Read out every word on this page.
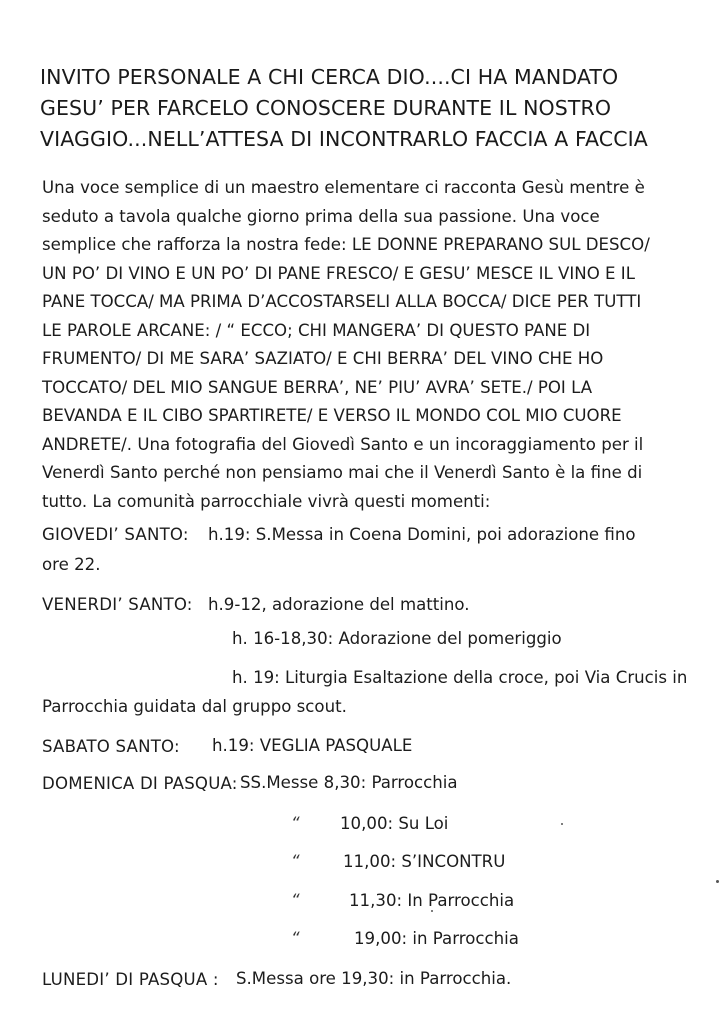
INVITO PERSONALE A CHI CERCA DIO....CI HA MANDATO
GESU’ PER FARCELO CONOSCERE DURANTE IL NOSTRO
VIAGGIO...NELL’ATTESA DI INCONTRARLO FACCIA A FACCIA
Una voce semplice di un maestro elementare ci racconta Gesù mentre è
seduto a tavola qualche giorno prima della sua passione. Una voce
semplice che rafforza la nostra fede: LE DONNE PREPARANO SUL DESCO/
UN PO’ DI VINO E UN PO’ DI PANE FRESCO/ E GESU’ MESCE IL VINO E IL
PANE TOCCA/ MA PRIMA D’ACCOSTARSELI ALLA BOCCA/ DICE PER TUTTI
LE PAROLE ARCANE: / “ ECCO; CHI MANGERA’ DI QUESTO PANE DI
FRUMENTO/ DI ME SARA’ SAZIATO/ E CHI BERRA’ DEL VINO CHE HO
TOCCATO/ DEL MIO SANGUE BERRA’, NE’ PIU’ AVRA’ SETE./ POI LA
BEVANDA E IL CIBO SPARTIRETE/ E VERSO IL MONDO COL MIO CUORE
ANDRETE/. Una fotografia del Giovedì Santo e un incoraggiamento per il
Venerdì Santo perché non pensiamo mai che il Venerdì Santo è la fine di
tutto. La comunità parrocchiale vivrà questi momenti:
GIOVEDI’ SANTO: h.19: S.Messa in Coena Domini, poi adorazione fino
ore 22.
VENERDI’ SANTO: h.9-12, adorazione del mattino.
h. 16-18,30: Adorazione del pomeriggio
h. 19: Liturgia Esaltazione della croce, poi Via Crucis in
Parrocchia guidata dal gruppo scout.
SABATO SANTO: h.19: VEGLIA PASQUALE
DOMENICA DI PASQUA: SS.Messe 8,30: Parrocchia
“ 10,00: Su Loi
“	11,00: S’INCONTRU
“	11,30: In Parrocchia
“	19,00: in Parrocchia
LUNEDI’ DI PASQUA : S.Messa ore 19,30: in Parrocchia.
